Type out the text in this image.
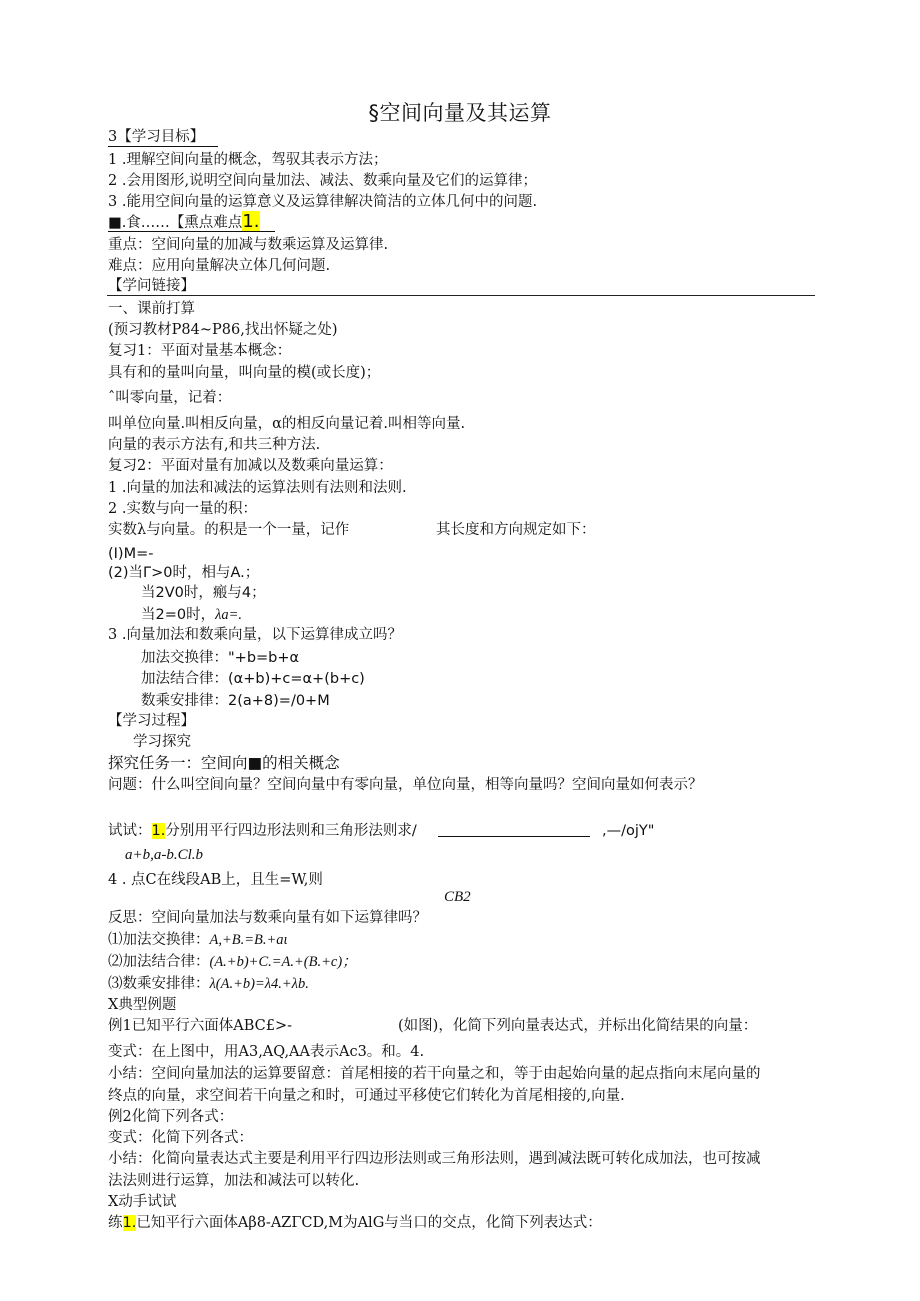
§空间向量及其运算
3【学习目标】
1 .理解空间向量的概念，驾驭其表示方法；
2 .会用图形,说明空间向量加法、减法、数乘向量及它们的运算律；
3 .能用空间向量的运算意义及运算律解决简洁的立体几何中的问题.
■.食……【熏点难点1.
重点：空间向量的加减与数乘运算及运算律.
难点：应用向量解决立体几何问题.
【学问链接】
一、课前打算
(预习教材P84~P86,找出怀疑之处)
复习1：平面对量基本概念：
具有和的量叫向量，叫向量的模(或长度)；
ˆ叫零向量，记着：
叫单位向量.叫相反向量，α的相反向量记着.叫相等向量.
向量的表示方法有,和共三种方法.
复习2：平面对量有加减以及数乘向量运算：
1 .向量的加法和减法的运算法则有法则和法则.
2 .实数与向一量的积：
实数λ与向量。的积是一个一量，记作	其长度和方向规定如下：
(I)M=-
(2)当Γ>0时，相与A.；
当2V0时，瘢与4；
当2=0时，λa=.
3 .向量加法和数乘向量，以下运算律成立吗？
加法交换律："+b=b+α
加法结合律：(α+b)+c=α+(b+c)
数乘安排律：2(a+8)=∕0+M
【学习过程】
学习探究
探究任务一：空间向■的相关概念
问题：什么叫空间向量？空间向量中有零向量，单位向量，相等向量吗？空间向量如何表示？
试试：1.分别用平行四边形法则和三角形法则求/	,—/ojY"
a+b,a-b.Cl.b
4 . 点C在线段AB上，且生=W,则
CB2
反思：空间向量加法与数乘向量有如下运算律吗？
⑴加法交换律：A,+B.=B.+aι
⑵加法结合律：(A.+b)+C.=A.+(B.+c)；
⑶数乘安排律：λ(A.+b)=λ4.+λb.
X典型例题
例1已知平行六面体ABC£>-	(如图)，化简下列向量表达式，并标出化简结果的向量：
变式：在上图中，用A3,AQ,AA表示Ac3。和。4.
小结：空间向量加法的运算要留意：首尾相接的若干向量之和，等于由起始向量的起点指向末尾向量的
终点的向量，求空间若干向量之和时，可通过平移使它们转化为首尾相接的,向量.
例2化简下列各式：
变式：化简下列各式：
小结：化简向量表达式主要是利用平行四边形法则或三角形法则，遇到减法既可转化成加法，也可按减
法法则进行运算，加法和减法可以转化.
X动手试试
练1.已知平行六面体Aβ8-AΖΓCD,M为AlG与当口的交点，化简下列表达式：
